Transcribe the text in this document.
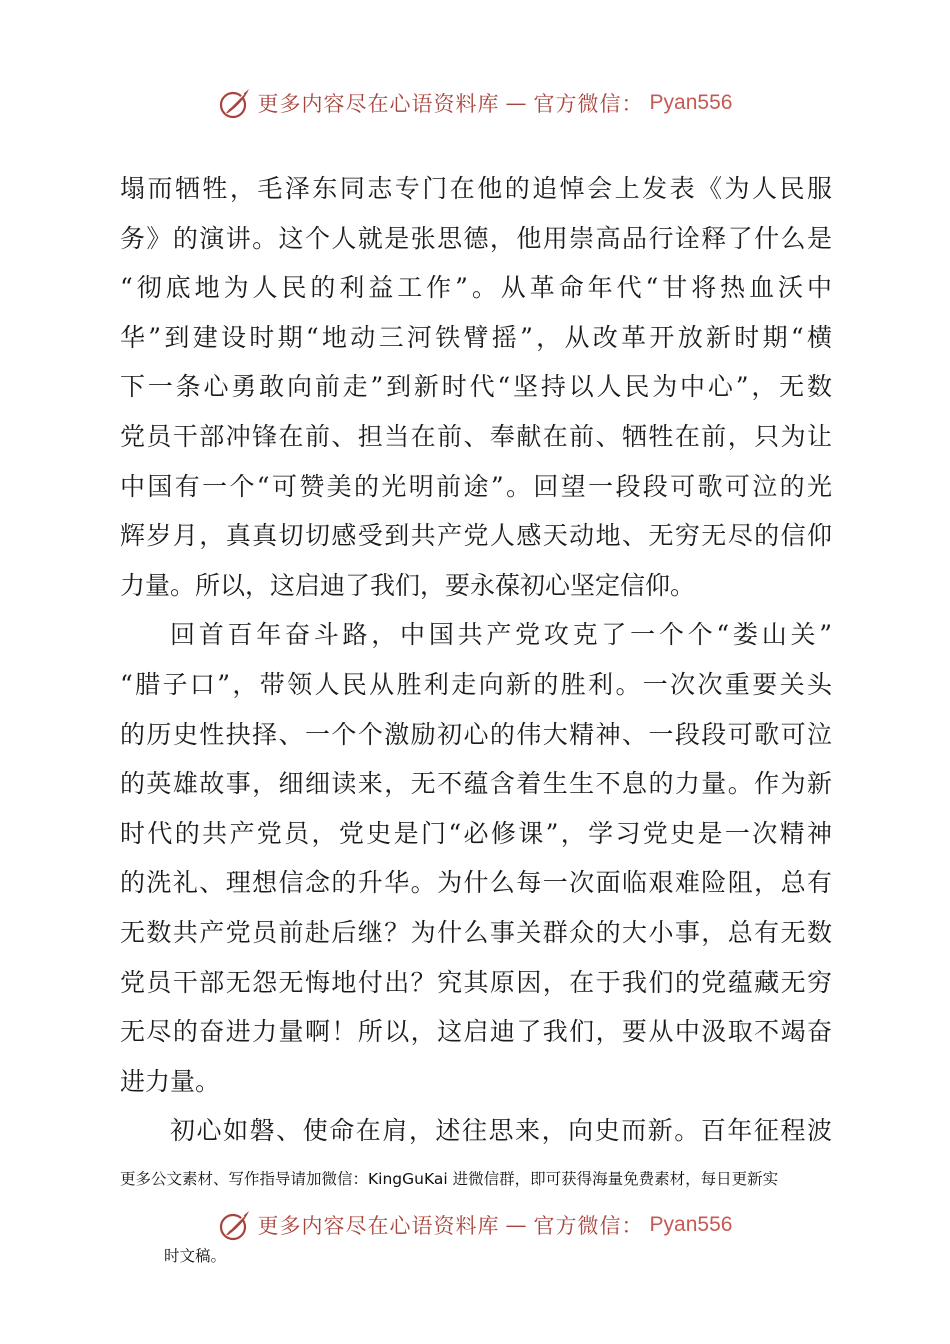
更多内容尽在心语资料库 — 官方微信： Pyan556
塌而牺牲，毛泽东同志专门在他的追悼会上发表《为人民服
务》的演讲。这个人就是张思德，他用崇高品行诠释了什么是
“彻底地为人民的利益工作”。从革命年代“甘将热血沃中
华”到建设时期“地动三河铁臂摇”，从改革开放新时期“横
下一条心勇敢向前走”到新时代“坚持以人民为中心”，无数
党员干部冲锋在前、担当在前、奉献在前、牺牲在前，只为让
中国有一个“可赞美的光明前途”。回望一段段可歌可泣的光
辉岁月，真真切切感受到共产党人感天动地、无穷无尽的信仰
力量。所以，这启迪了我们，要永葆初心坚定信仰。
回首百年奋斗路，中国共产党攻克了一个个“娄山关”
“腊子口”，带领人民从胜利走向新的胜利。一次次重要关头
的历史性抉择、一个个激励初心的伟大精神、一段段可歌可泣
的英雄故事，细细读来，无不蕴含着生生不息的力量。作为新
时代的共产党员，党史是门“必修课”，学习党史是一次精神
的洗礼、理想信念的升华。为什么每一次面临艰难险阻，总有
无数共产党员前赴后继？为什么事关群众的大小事，总有无数
党员干部无怨无悔地付出？究其原因，在于我们的党蕴藏无穷
无尽的奋进力量啊！所以，这启迪了我们，要从中汲取不竭奋
进力量。
初心如磐、使命在肩，述往思来，向史而新。百年征程波
更多公文素材、写作指导请加微信：KingGuKai 进微信群，即可获得海量免费素材，每日更新实
更多内容尽在心语资料库 — 官方微信： Pyan556
时文稿。
